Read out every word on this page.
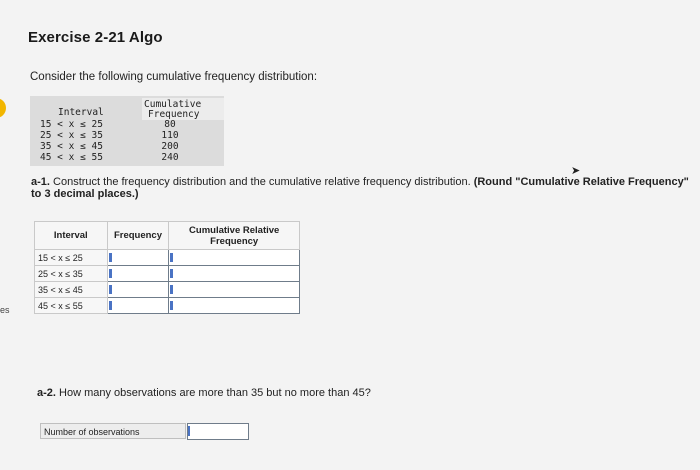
es
Exercise 2-21 Algo
Consider the following cumulative frequency distribution:
Interval
Cumulative
Frequency
15 < x ≤ 25	80
25 < x ≤ 35	110
35 < x ≤ 45	200
45 < x ≤ 55	240
➤
a-1. Construct the frequency distribution and the cumulative relative frequency distribution. (Round "Cumulative Relative Frequency" to 3 decimal places.)
Interval	Frequency	Cumulative Relative Frequency
15 < x ≤ 25	

25 < x ≤ 35	

35 < x ≤ 45	

45 < x ≤ 55	

a-2. How many observations are more than 35 but no more than 45?
Number of observations
